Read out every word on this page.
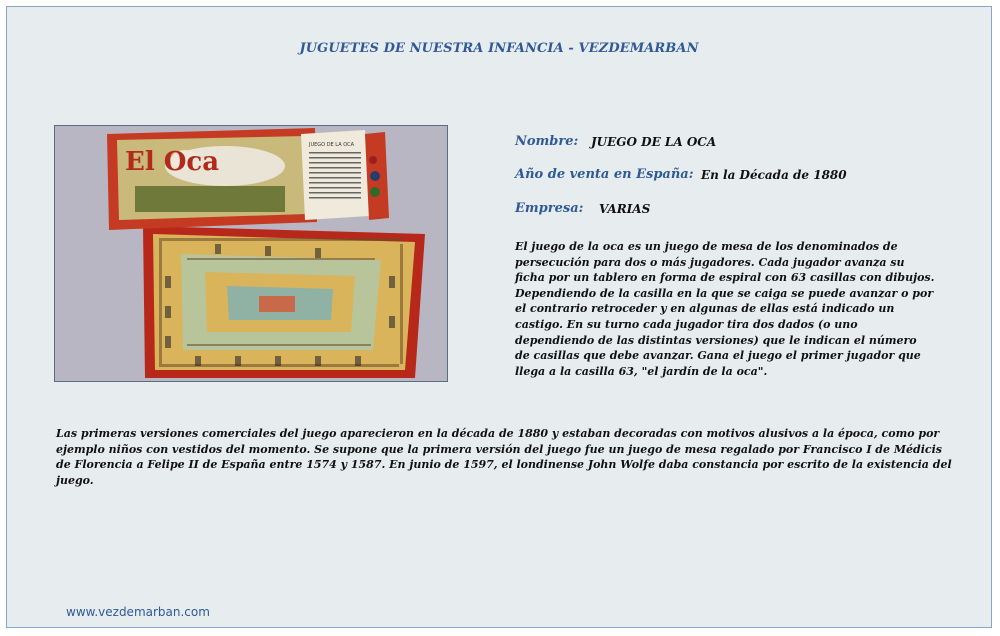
JUGUETES DE NUESTRA INFANCIA - VEZDEMARBAN
El Oca
JUEGO DE LA OCA	Nombre: JUEGO DE LA OCA
Año de venta en España: En la Década de 1880
Empresa: VARIAS
El juego de la oca es un juego de mesa de los denominados de persecución para dos o más jugadores. Cada jugador avanza su ficha por un tablero en forma de espiral con 63 casillas con dibujos. Dependiendo de la casilla en la que se caiga se puede avanzar o por el contrario retroceder y en algunas de ellas está indicado un castigo. En su turno cada jugador tira dos dados (o uno dependiendo de las distintas versiones) que le indican el número de casillas que debe avanzar. Gana el juego el primer jugador que llega a la casilla 63, "el jardín de la oca".
Las primeras versiones comerciales del juego aparecieron en la década de 1880 y estaban decoradas con motivos alusivos a la época, como por ejemplo niños con vestidos del momento. Se supone que la primera versión del juego fue un juego de mesa regalado por Francisco I de Médicis de Florencia a Felipe II de España entre 1574 y 1587. En junio de 1597, el londinense John Wolfe daba constancia por escrito de la existencia del juego.
www.vezdemarban.com
